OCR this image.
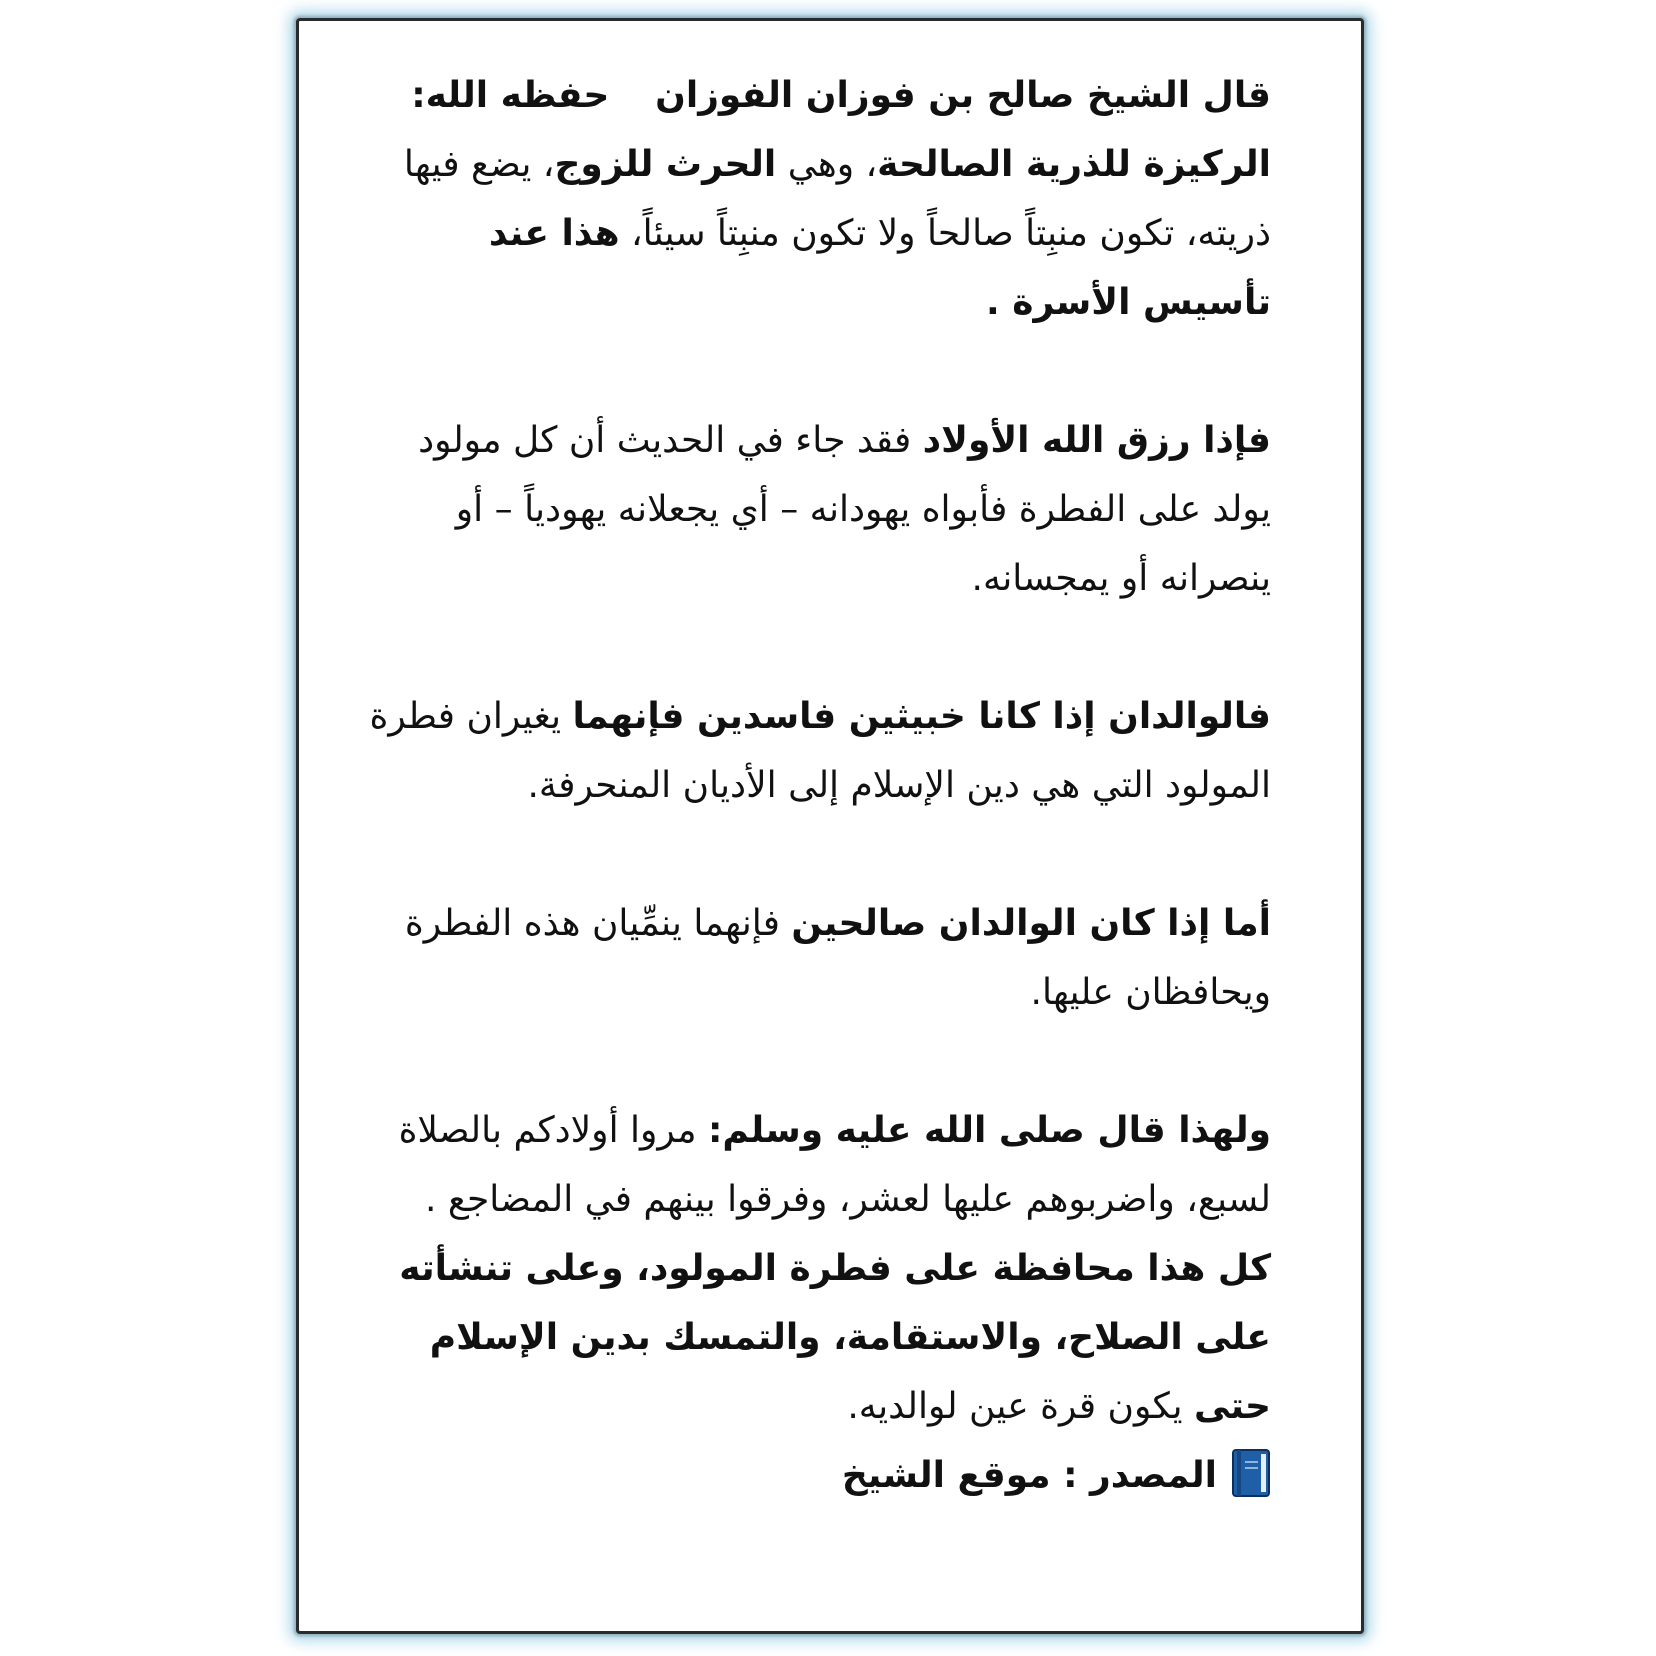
قال الشيخ صالح بن فوزان الفوزان    حفظه الله:
الركيزة للذرية الصالحة، وهي الحرث للزوج، يضع فيها ذريته، تكون منبِتاً صالحاً ولا تكون منبِتاً سيئاً، هذا عند تأسيس الأسرة .

فإذا رزق الله الأولاد فقد جاء في الحديث أن كل مولود يولد على الفطرة فأبواه يهودانه – أي يجعلانه يهودياً – أو ينصرانه أو يمجسانه.

فالوالدان إذا كانا خبيثين فاسدين فإنهما يغيران فطرة المولود التي هي دين الإسلام إلى الأديان المنحرفة.

أما إذا كان الوالدان صالحين فإنهما ينمِّيان هذه الفطرة ويحافظان عليها.

ولهذا قال صلى الله عليه وسلم: مروا أولادكم بالصلاة لسبع، واضربوهم عليها لعشر، وفرقوا بينهم في المضاجع .

كل هذا محافظة على فطرة المولود، وعلى تنشأته على الصلاح، والاستقامة، والتمسك بدين الإسلام حتى يكون قرة عين لوالديه.

المصدر : موقع الشيخ
